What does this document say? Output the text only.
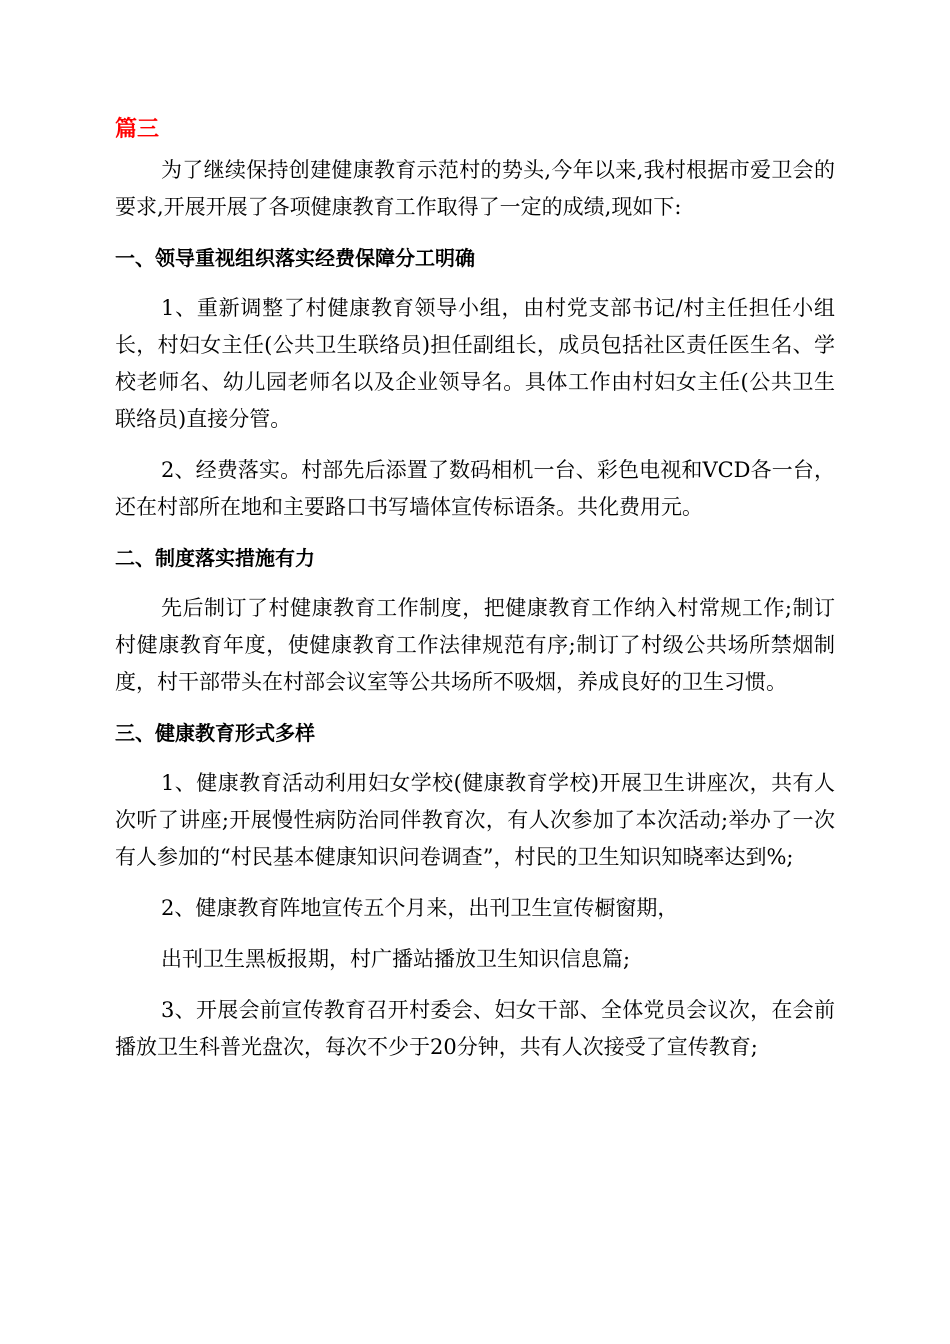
篇三

为了继续保持创建健康教育示范村的势头,今年以来,我村根据市爱卫会的要求,开展开展了各项健康教育工作取得了一定的成绩,现如下:

一、领导重视组织落实经费保障分工明确

1、重新调整了村健康教育领导小组，由村党支部书记/村主任担任小组长，村妇女主任(公共卫生联络员)担任副组长，成员包括社区责任医生名、学校老师名、幼儿园老师名以及企业领导名。具体工作由村妇女主任(公共卫生联络员)直接分管。

2、经费落实。村部先后添置了数码相机一台、彩色电视和VCD各一台，还在村部所在地和主要路口书写墙体宣传标语条。共化费用元。

二、制度落实措施有力

先后制订了村健康教育工作制度，把健康教育工作纳入村常规工作;制订村健康教育年度，使健康教育工作法律规范有序;制订了村级公共场所禁烟制度，村干部带头在村部会议室等公共场所不吸烟，养成良好的卫生习惯。

三、健康教育形式多样

1、健康教育活动利用妇女学校(健康教育学校)开展卫生讲座次，共有人次听了讲座;开展慢性病防治同伴教育次，有人次参加了本次活动;举办了一次有人参加的“村民基本健康知识问卷调查”，村民的卫生知识知晓率达到%;

2、健康教育阵地宣传五个月来，出刊卫生宣传橱窗期，

出刊卫生黑板报期，村广播站播放卫生知识信息篇;

3、开展会前宣传教育召开村委会、妇女干部、全体党员会议次，在会前播放卫生科普光盘次，每次不少于20分钟，共有人次接受了宣传教育;
